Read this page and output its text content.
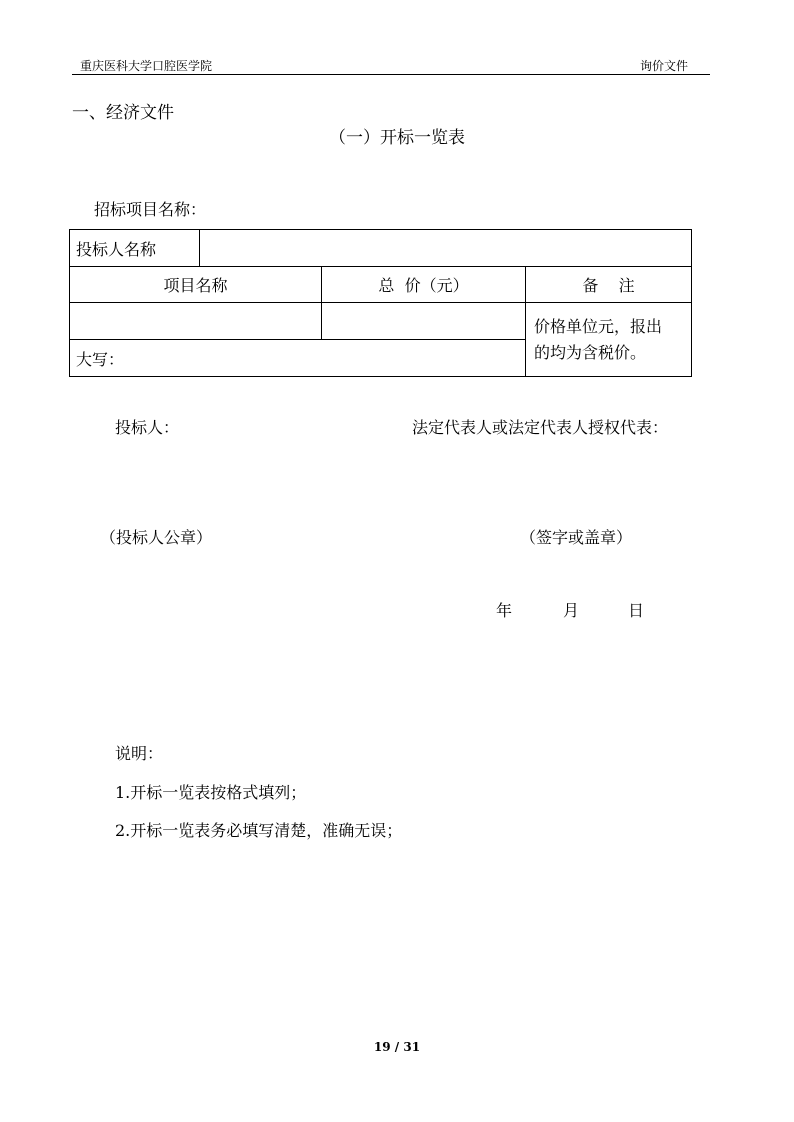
重庆医科大学口腔医学院	询价文件
一、经济文件
（一）开标一览表
招标项目名称：
投标人名称			
项目名称		总  价（元）	备    注

			价格单位元，报出
的均为含税价。

大写：			
投标人：	法定代表人或法定代表人授权代表：
（投标人公章）	（签字或盖章）
年	月	日
说明：
1.开标一览表按格式填列；
2.开标一览表务必填写清楚，准确无误；
19 / 31
